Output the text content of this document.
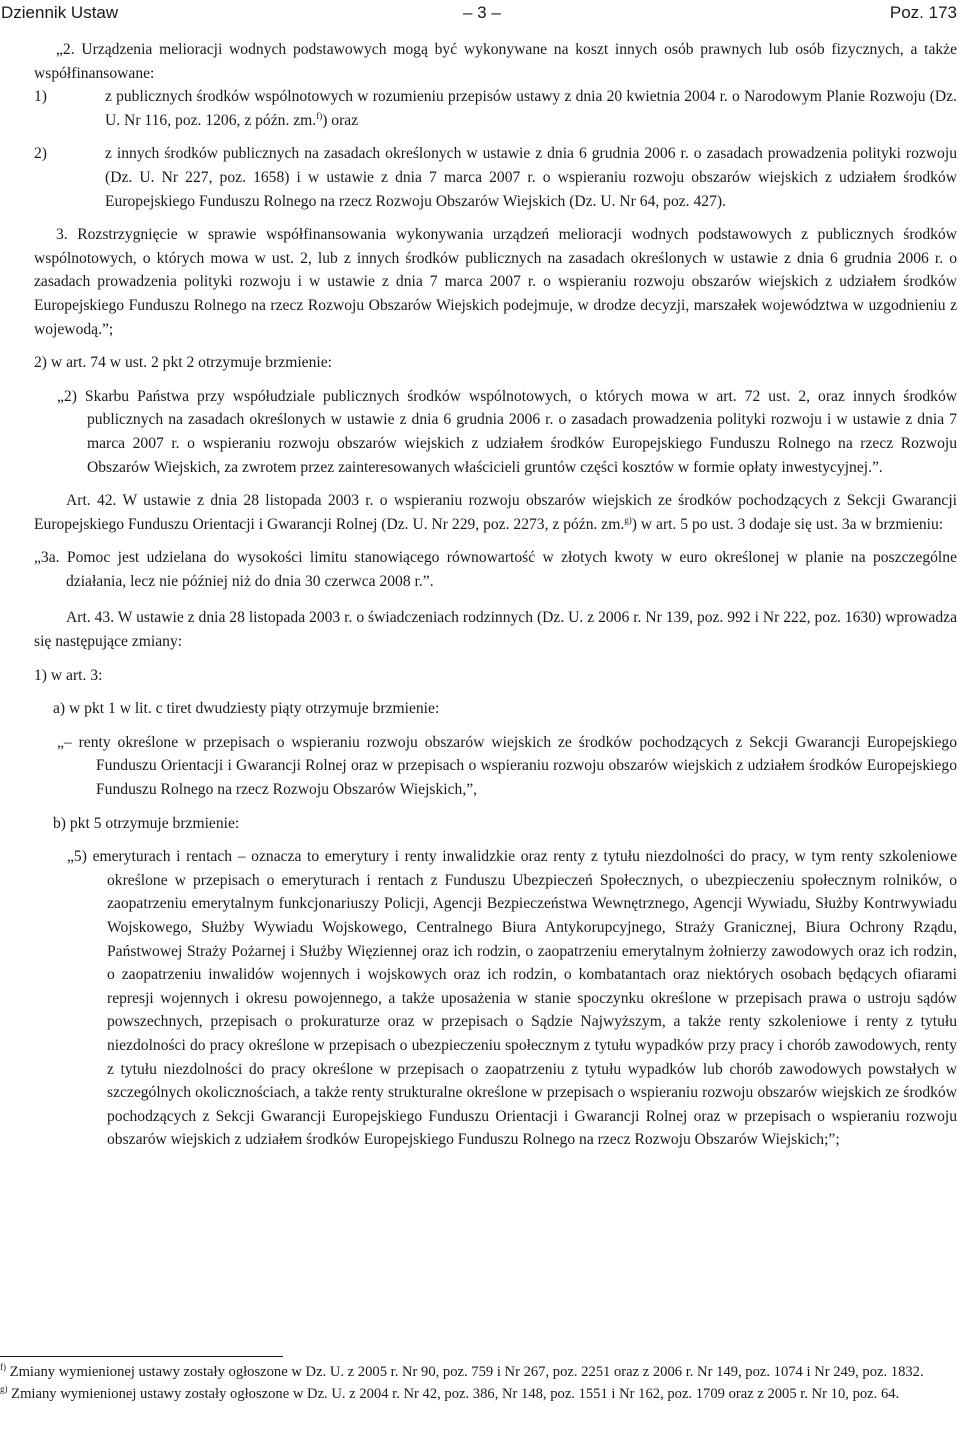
Dziennik Ustaw	– 3 –	Poz. 173

„2. Urządzenia melioracji wodnych podstawowych mogą być wykonywane na koszt innych osób prawnych lub osób fizycznych, a także współfinansowane:

1)	z publicznych środków wspólnotowych w rozumieniu przepisów ustawy z dnia 20 kwietnia 2004 r. o Narodowym Planie Rozwoju (Dz. U. Nr 116, poz. 1206, z późn. zm.$^{f)}$) oraz

2)	z innych środków publicznych na zasadach określonych w ustawie z dnia 6 grudnia 2006 r. o zasadach prowadzenia polityki rozwoju (Dz. U. Nr 227, poz. 1658) i w ustawie z dnia 7 marca 2007 r. o wspieraniu rozwoju obszarów wiejskich z udziałem środków Europejskiego Funduszu Rolnego na rzecz Rozwoju Obszarów Wiejskich (Dz. U. Nr 64, poz. 427).

3. Rozstrzygnięcie w sprawie współfinansowania wykonywania urządzeń melioracji wodnych podstawowych z publicznych środków wspólnotowych, o których mowa w ust. 2, lub z innych środków publicznych na zasadach określonych w ustawie z dnia 6 grudnia 2006 r. o zasadach prowadzenia polityki rozwoju i w ustawie z dnia 7 marca 2007 r. o wspieraniu rozwoju obszarów wiejskich z udziałem środków Europejskiego Funduszu Rolnego na rzecz Rozwoju Obszarów Wiejskich podejmuje, w drodze decyzji, marszałek województwa w uzgodnieniu z wojewodą.”;

2) w art. 74 w ust. 2 pkt 2 otrzymuje brzmienie:

„2) Skarbu Państwa przy współudziale publicznych środków wspólnotowych, o których mowa w art. 72 ust. 2, oraz innych środków publicznych na zasadach określonych w ustawie z dnia 6 grudnia 2006 r. o zasadach prowadzenia polityki rozwoju i w ustawie z dnia 7 marca 2007 r. o wspieraniu rozwoju obszarów wiejskich z udziałem środków Europejskiego Funduszu Rolnego na rzecz Rozwoju Obszarów Wiejskich, za zwrotem przez zainteresowanych właścicieli gruntów części kosztów w formie opłaty inwestycyjnej.”.

Art. 42. W ustawie z dnia 28 listopada 2003 r. o wspieraniu rozwoju obszarów wiejskich ze środków pochodzących z Sekcji Gwarancji Europejskiego Funduszu Orientacji i Gwarancji Rolnej (Dz. U. Nr 229, poz. 2273, z późn. zm.$^{g)}$) w art. 5 po ust. 3 dodaje się ust. 3a w brzmieniu:

„3a. Pomoc jest udzielana do wysokości limitu stanowiącego równowartość w złotych kwoty w euro określonej w planie na poszczególne działania, lecz nie później niż do dnia 30 czerwca 2008 r.”.

Art. 43. W ustawie z dnia 28 listopada 2003 r. o świadczeniach rodzinnych (Dz. U. z 2006 r. Nr 139, poz. 992 i Nr 222, poz. 1630) wprowadza się następujące zmiany:

1) w art. 3:

a) w pkt 1 w lit. c tiret dwudziesty piąty otrzymuje brzmienie:

„– renty określone w przepisach o wspieraniu rozwoju obszarów wiejskich ze środków pochodzących z Sekcji Gwarancji Europejskiego Funduszu Orientacji i Gwarancji Rolnej oraz w przepisach o wspieraniu rozwoju obszarów wiejskich z udziałem środków Europejskiego Funduszu Rolnego na rzecz Rozwoju Obszarów Wiejskich,”,

b) pkt 5 otrzymuje brzmienie:

„5) emeryturach i rentach – oznacza to emerytury i renty inwalidzkie oraz renty z tytułu niezdolności do pracy, w tym renty szkoleniowe określone w przepisach o emeryturach i rentach z Funduszu Ubezpieczeń Społecznych, o ubezpieczeniu społecznym rolników, o zaopatrzeniu emerytalnym funkcjonariuszy Policji, Agencji Bezpieczeństwa Wewnętrznego, Agencji Wywiadu, Służby Kontrwywiadu Wojskowego, Służby Wywiadu Wojskowego, Centralnego Biura Antykorupcyjnego, Straży Granicznej, Biura Ochrony Rządu, Państwowej Straży Pożarnej i Służby Więziennej oraz ich rodzin, o zaopatrzeniu emerytalnym żołnierzy zawodowych oraz ich rodzin, o zaopatrzeniu inwalidów wojennych i wojskowych oraz ich rodzin, o kombatantach oraz niektórych osobach będących ofiarami represji wojennych i okresu powojennego, a także uposażenia w stanie spoczynku określone w przepisach prawa o ustroju sądów powszechnych, przepisach o prokuraturze oraz w przepisach o Sądzie Najwyższym, a także renty szkoleniowe i renty z tytułu niezdolności do pracy określone w przepisach o ubezpieczeniu społecznym z tytułu wypadków przy pracy i chorób zawodowych, renty z tytułu niezdolności do pracy określone w przepisach o zaopatrzeniu z tytułu wypadków lub chorób zawodowych powstałych w szczególnych okolicznościach, a także renty strukturalne określone w przepisach o wspieraniu rozwoju obszarów wiejskich ze środków pochodzących z Sekcji Gwarancji Europejskiego Funduszu Orientacji i Gwarancji Rolnej oraz w przepisach o wspieraniu rozwoju obszarów wiejskich z udziałem środków Europejskiego Funduszu Rolnego na rzecz Rozwoju Obszarów Wiejskich;”;

$^{f)}$ Zmiany wymienionej ustawy zostały ogłoszone w Dz. U. z 2005 r. Nr 90, poz. 759 i Nr 267, poz. 2251 oraz z 2006 r. Nr 149, poz. 1074 i Nr 249, poz. 1832.

$^{g)}$ Zmiany wymienionej ustawy zostały ogłoszone w Dz. U. z 2004 r. Nr 42, poz. 386, Nr 148, poz. 1551 i Nr 162, poz. 1709 oraz z 2005 r. Nr 10, poz. 64.
